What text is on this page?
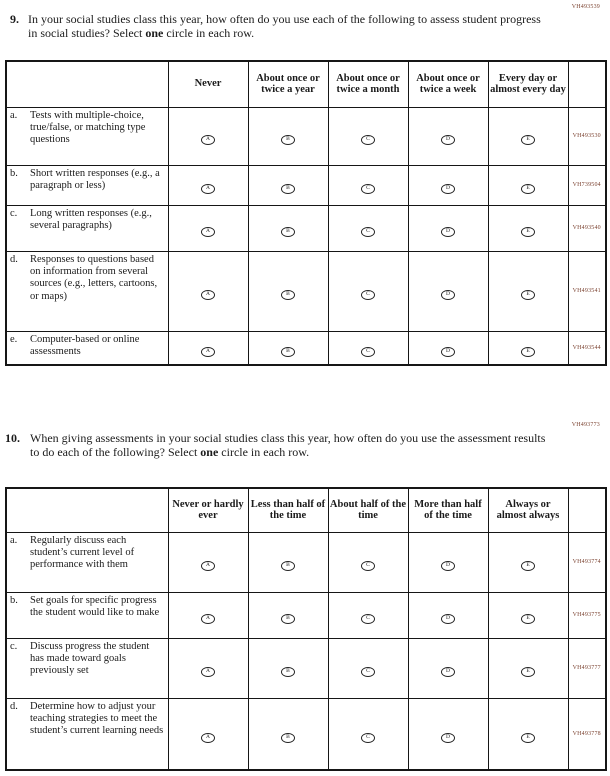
VH493539
9. In your social studies class this year, how often do you use each of the following to assess student progress in social studies? Select one circle in each row.
	Never	About once or twice a year	About once or twice a month	About once or twice a week	Every day or almost every day	

a. Tests with multiple-choice, true/false, or matching type questions	A	B	C	D	E	VH493530

b. Short written responses (e.g., a paragraph or less)	A	B	C	D	E	VH739504

c. Long written responses (e.g., several paragraphs)	A	B	C	D	E	VH493540

d. Responses to questions based on information from several sources (e.g., letters, cartoons, or maps)	A	B	C	D	E	VH493541

e. Computer-based or online assessments	A	B	C	D	E	VH493544
VH493773
10. When giving assessments in your social studies class this year, how often do you use the assessment results to do each of the following? Select one circle in each row.
	Never or hardly ever	Less than half of the time	About half of the time	More than half of the time	Always or almost always	

a. Regularly discuss each student’s current level of performance with them	A	B	C	D	E	VH493774

b. Set goals for specific progress the student would like to make	A	B	C	D	E	VH493775

c. Discuss progress the student has made toward goals previously set	A	B	C	D	E	VH493777

d. Determine how to adjust your teaching strategies to meet the student’s current learning needs	A	B	C	D	E	VH493778
